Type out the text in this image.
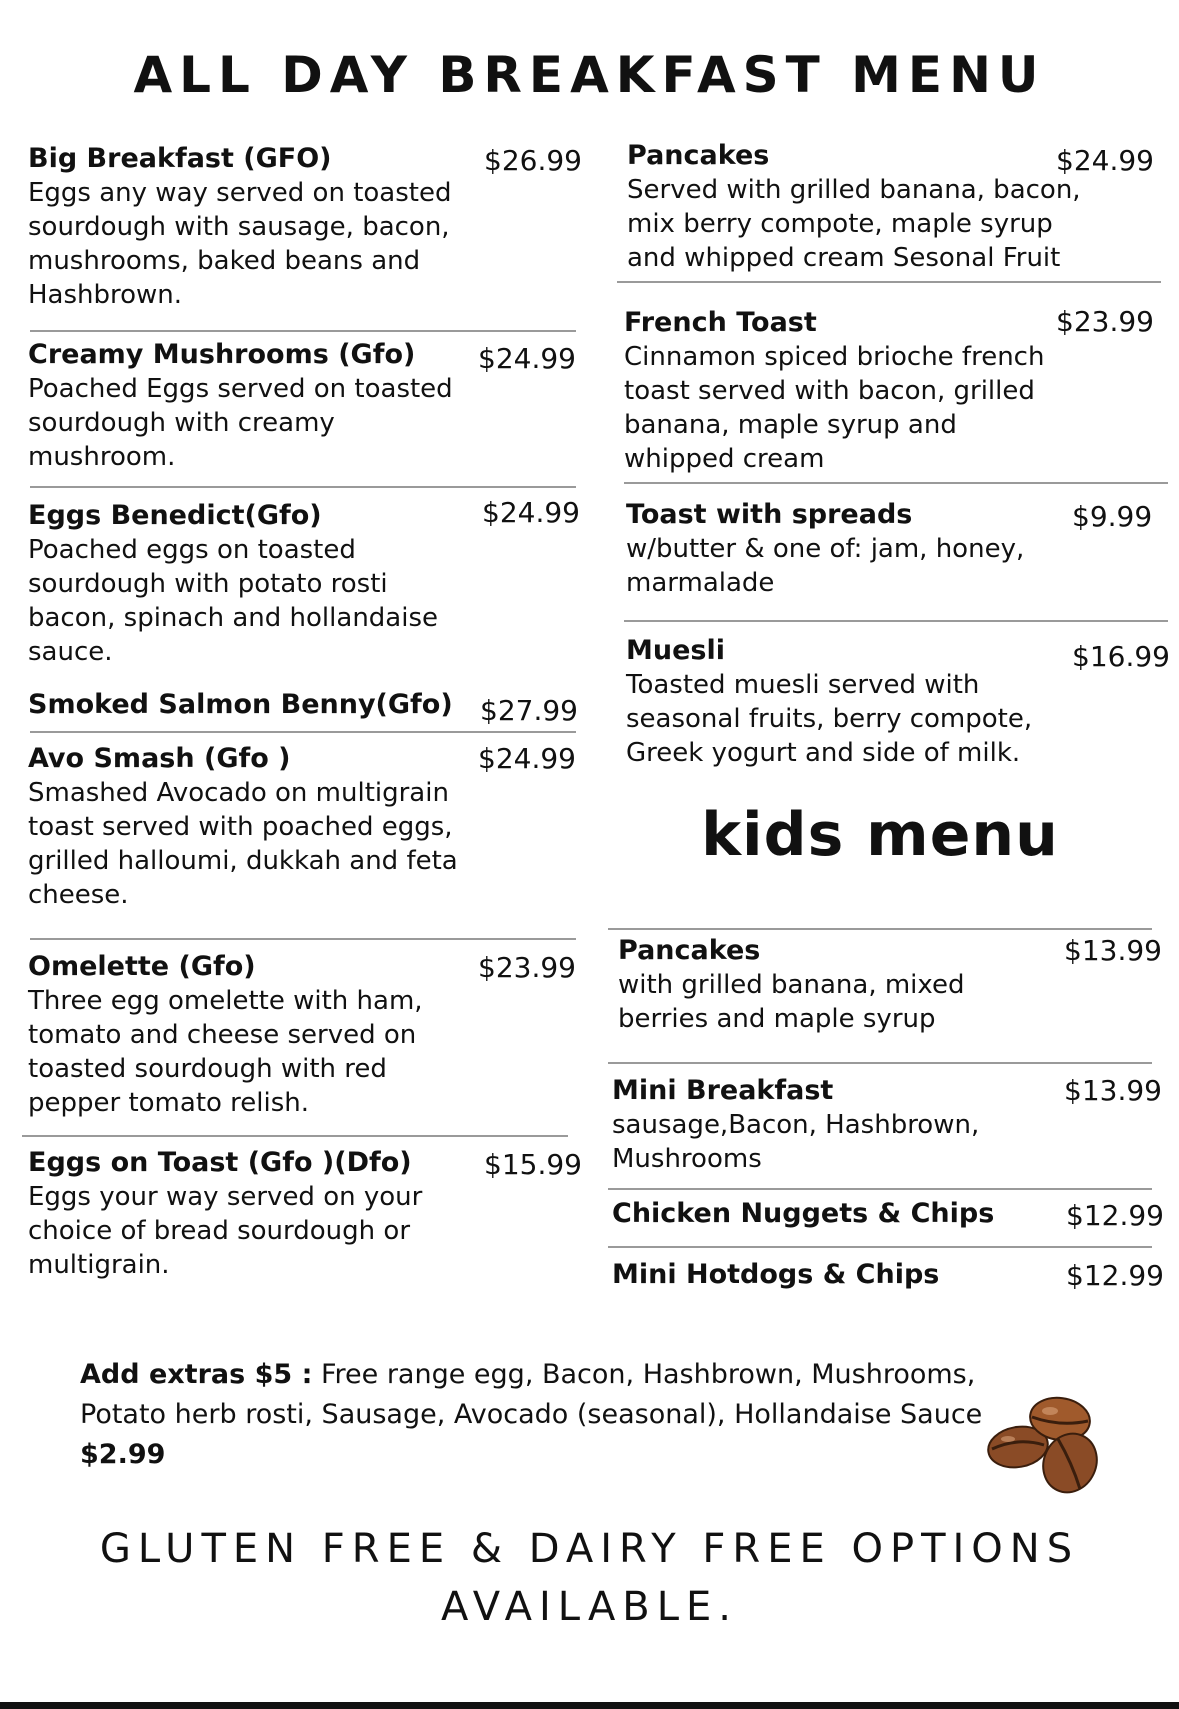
ALL DAY BREAKFAST MENU
Big Breakfast (GFO)
Eggs any way served on toasted sourdough with sausage, bacon, mushrooms, baked beans and Hashbrown.
$26.99
Creamy Mushrooms (Gfo)
Poached Eggs served on toasted sourdough with creamy mushroom.
$24.99
Eggs Benedict(Gfo)
Poached eggs on toasted sourdough with potato rosti bacon, spinach and hollandaise sauce.
$24.99
Smoked Salmon Benny(Gfo) $27.99
Avo Smash (Gfo )
Smashed Avocado on multigrain toast served with poached eggs, grilled halloumi, dukkah and feta cheese.
$24.99
Omelette (Gfo)
Three egg omelette with ham, tomato and cheese served on toasted sourdough with red pepper tomato relish.
$23.99
Eggs on Toast (Gfo )(Dfo)
Eggs your way served on your choice of bread sourdough or multigrain.
$15.99
Pancakes
Served with grilled banana, bacon, mix berry compote, maple syrup and whipped cream Sesonal Fruit
$24.99
French Toast
Cinnamon spiced brioche french toast served with bacon, grilled banana, maple syrup and whipped cream
$23.99
Toast with spreads
w/butter & one of: jam, honey, marmalade
$9.99
Muesli
Toasted muesli served with seasonal fruits, berry compote, Greek yogurt and side of milk.
$16.99
kids menu
Pancakes
with grilled banana, mixed berries and maple syrup
$13.99
Mini Breakfast
sausage,Bacon, Hashbrown, Mushrooms
$13.99
Chicken Nuggets & Chips	$12.99
Mini Hotdogs & Chips	$12.99
Add extras $5 : Free range egg, Bacon, Hashbrown, Mushrooms, Potato herb rosti, Sausage, Avocado (seasonal), Hollandaise Sauce $2.99
GLUTEN FREE & DAIRY FREE OPTIONS AVAILABLE.
